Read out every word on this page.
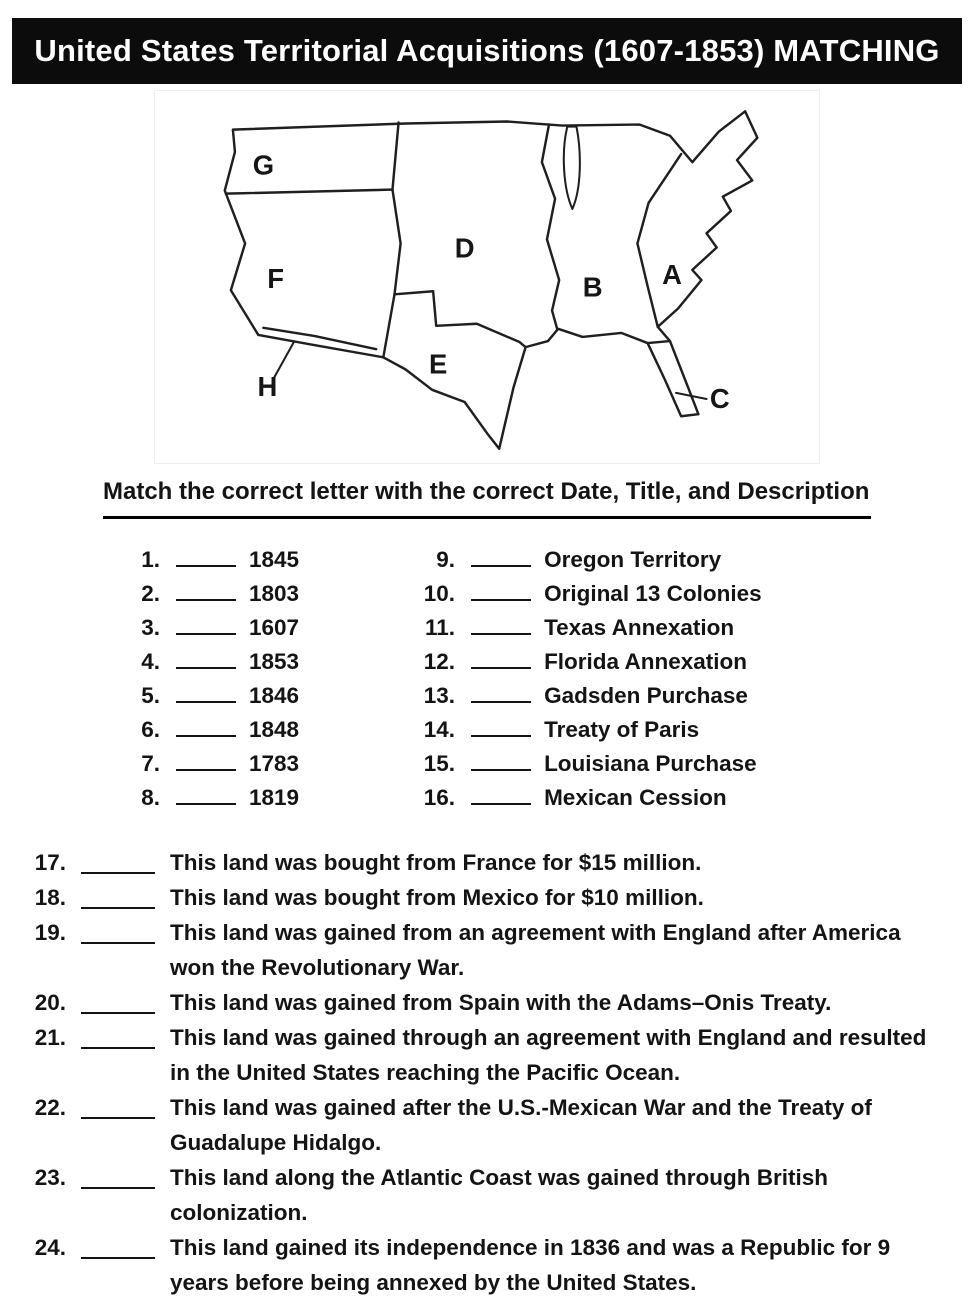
United States Territorial Acquisitions (1607-1853) MATCHING
G
F
D
E
B A
H	C
Match the correct letter with the correct Date, Title, and Description
1.	1845
2.	1803
3.	1607
4.	1853
5.	1846
6.	1848
7.	1783
8.	1819
9.	Oregon Territory
10.	Original 13 Colonies
11.	Texas Annexation
12.	Florida Annexation
13.	Gadsden Purchase
14.	Treaty of Paris
15.	Louisiana Purchase
16.	Mexican Cession
17.	This land was bought from France for $15 million.
18.	This land was bought from Mexico for $10 million.
19.	This land was gained from an agreement with England after America won the Revolutionary War.
20.	This land was gained from Spain with the Adams–Onis Treaty.
21.	This land was gained through an agreement with England and resulted in the United States reaching the Pacific Ocean.
22.	This land was gained after the U.S.-Mexican War and the Treaty of Guadalupe Hidalgo.
23.	This land along the Atlantic Coast was gained through British colonization.
24.	This land gained its independence in 1836 and was a Republic for 9 years before being annexed by the United States.
